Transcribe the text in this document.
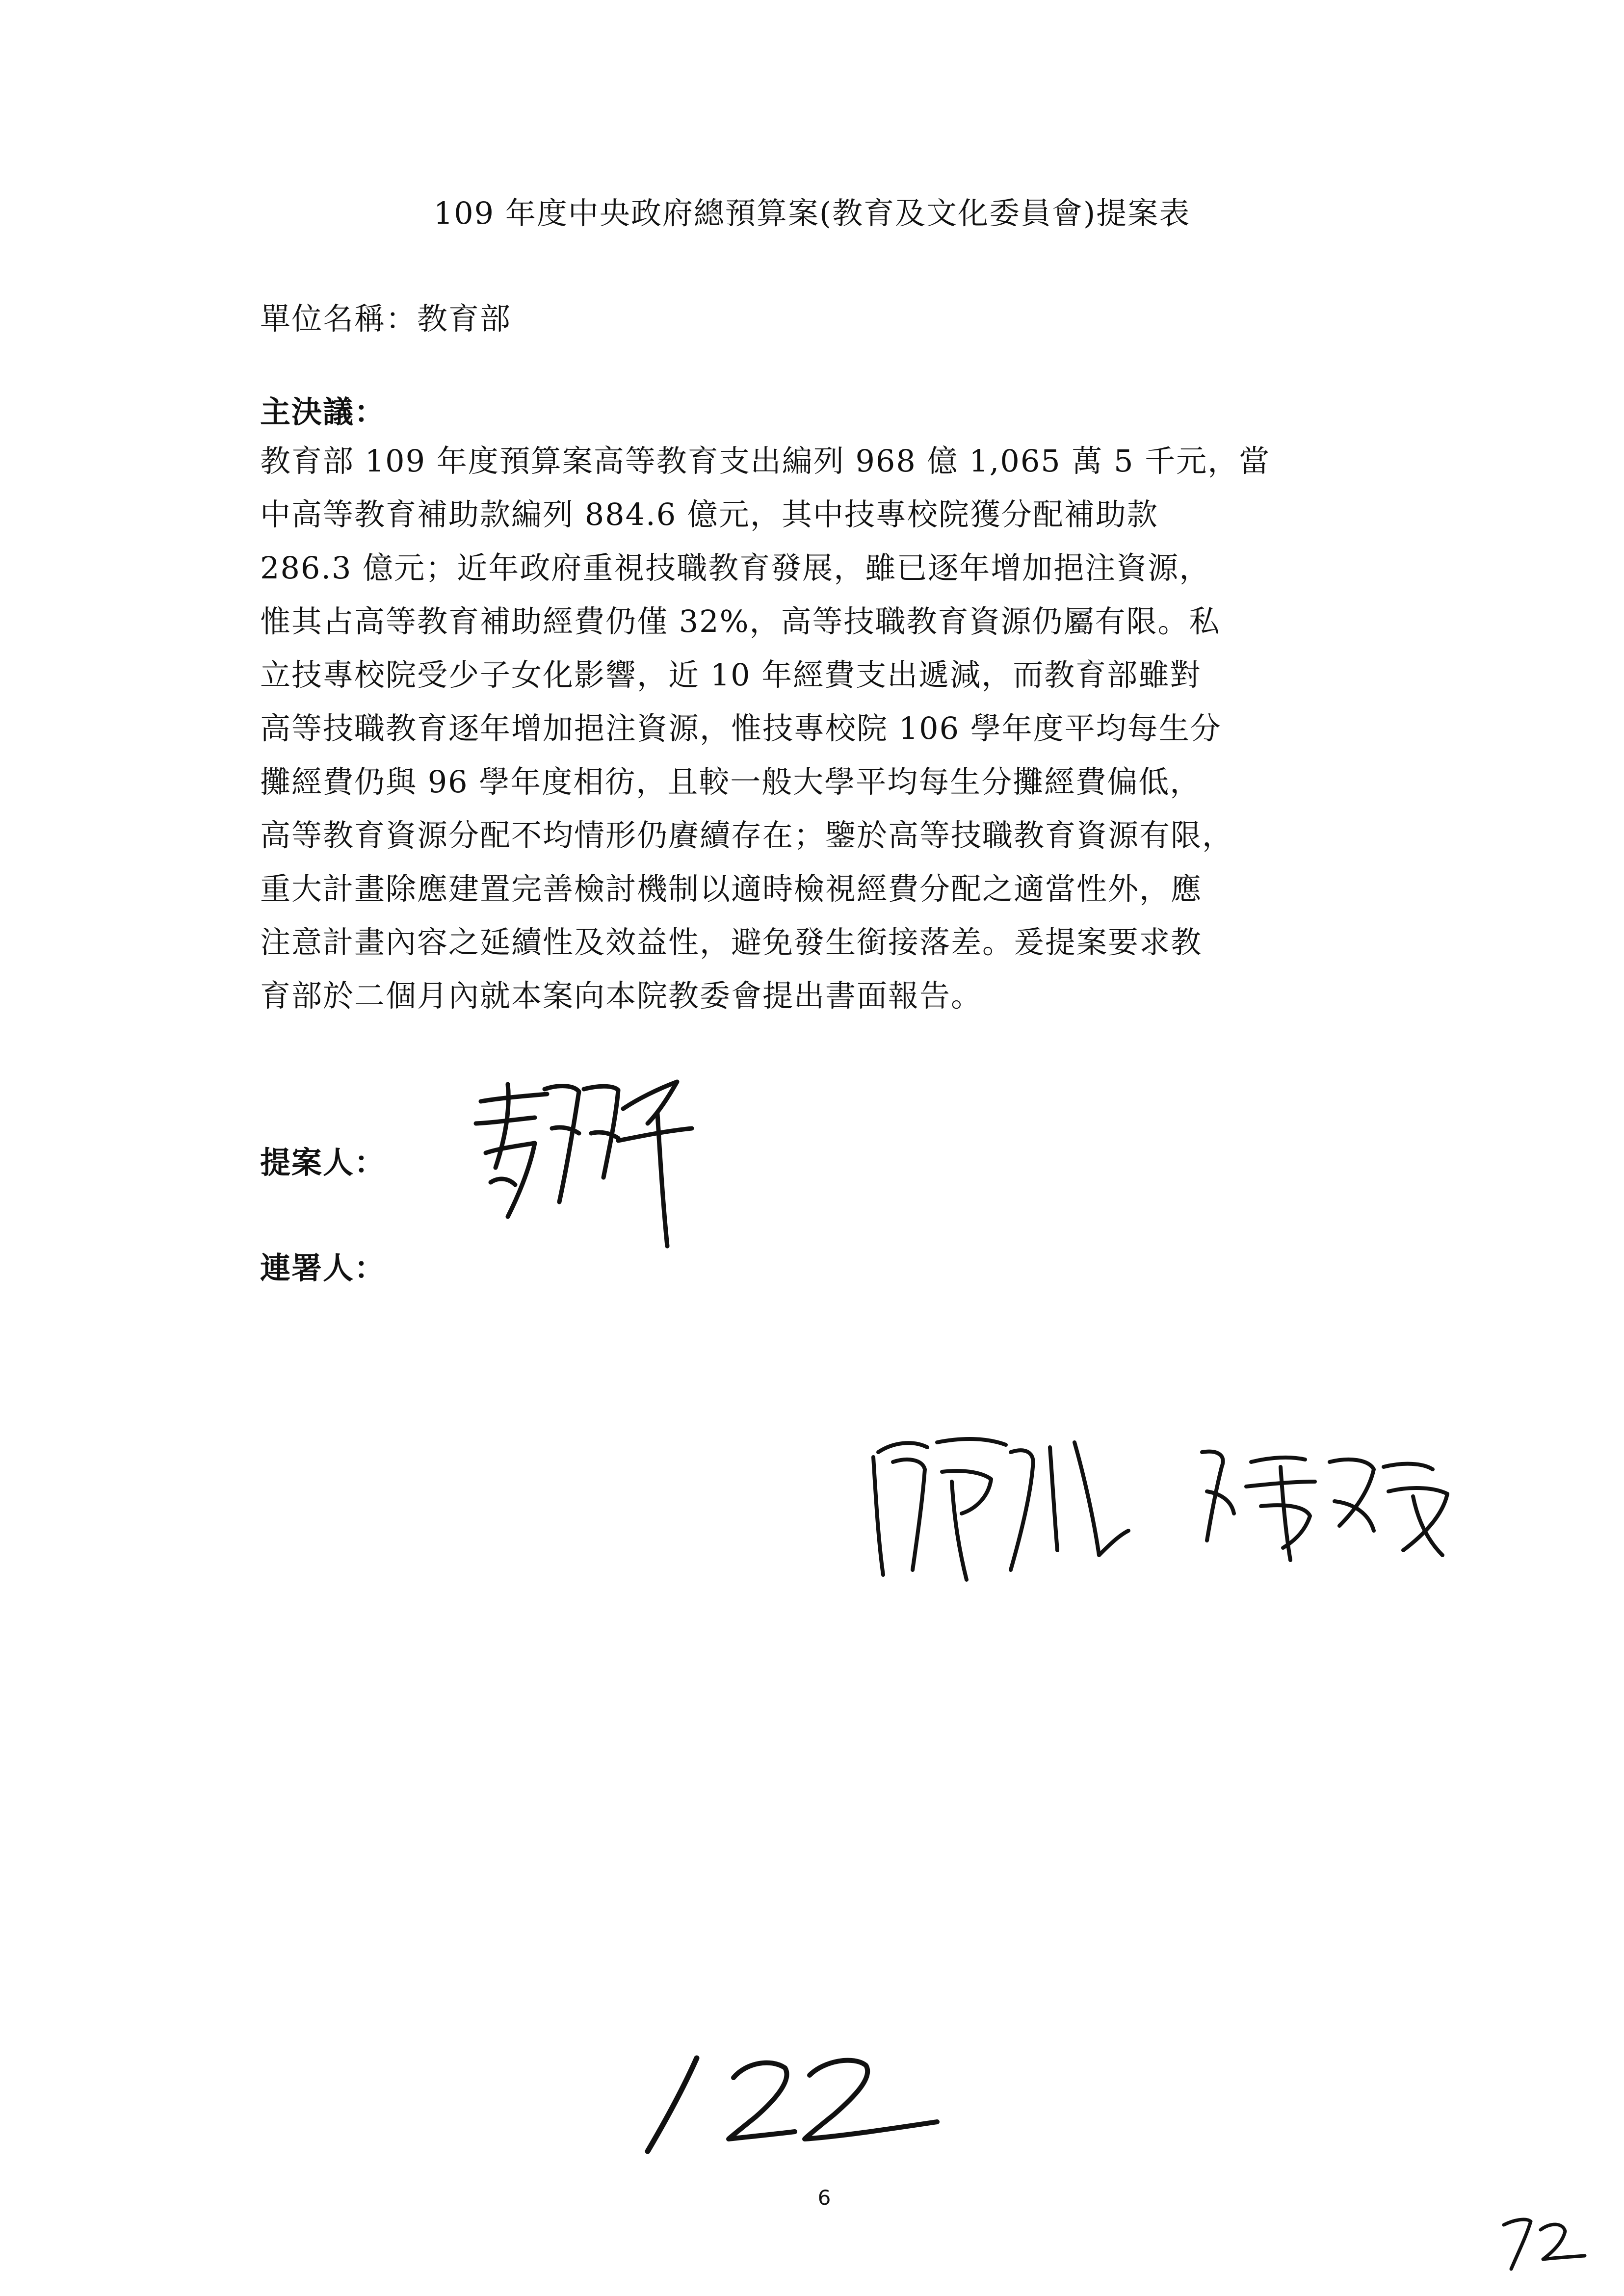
109 年度中央政府總預算案(教育及文化委員會)提案表
單位名稱：教育部
主決議：
教育部 109 年度預算案高等教育支出編列 968 億 1,065 萬 5 千元，當
中高等教育補助款編列 884.6 億元，其中技專校院獲分配補助款
286.3 億元；近年政府重視技職教育發展，雖已逐年增加挹注資源，
惟其占高等教育補助經費仍僅 32%，高等技職教育資源仍屬有限。私
立技專校院受少子女化影響，近 10 年經費支出遞減，而教育部雖對
高等技職教育逐年增加挹注資源，惟技專校院 106 學年度平均每生分
攤經費仍與 96 學年度相彷，且較一般大學平均每生分攤經費偏低，
高等教育資源分配不均情形仍賡續存在；鑒於高等技職教育資源有限，
重大計畫除應建置完善檢討機制以適時檢視經費分配之適當性外，應
注意計畫內容之延續性及效益性，避免發生銜接落差。爰提案要求教
育部於二個月內就本案向本院教委會提出書面報告。
提案人：
連署人：
6
